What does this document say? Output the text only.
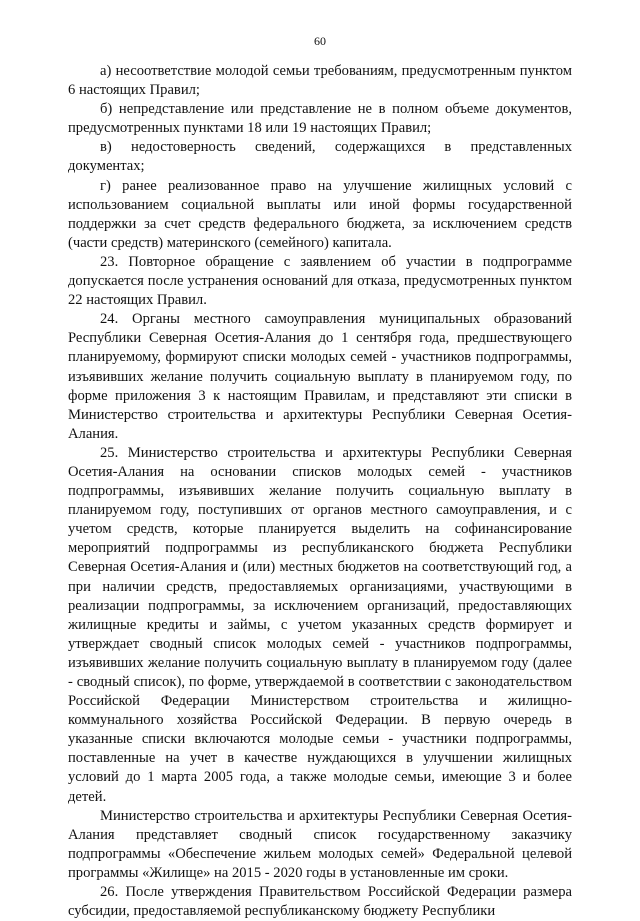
60

а) несоответствие молодой семьи требованиям, предусмотренным пунктом 6 настоящих Правил;

б) непредставление или представление не в полном объеме документов, предусмотренных пунктами 18 или 19 настоящих Правил;

в) недостоверность сведений, содержащихся в представленных документах;

г) ранее реализованное право на улучшение жилищных условий с использованием социальной выплаты или иной формы государственной поддержки за счет средств федерального бюджета, за исключением средств (части средств) материнского (семейного) капитала.

23. Повторное обращение с заявлением об участии в подпрограмме допускается после устранения оснований для отказа, предусмотренных пунктом 22 настоящих Правил.

24. Органы местного самоуправления муниципальных образований Республики Северная Осетия-Алания до 1 сентября года, предшествующего планируемому, формируют списки молодых семей - участников подпрограммы, изъявивших желание получить социальную выплату в планируемом году, по форме приложения 3 к настоящим Правилам, и представляют эти списки в Министерство строительства и архитектуры Республики Северная Осетия-Алания.

25. Министерство строительства и архитектуры Республики Северная Осетия-Алания на основании списков молодых семей - участников подпрограммы, изъявивших желание получить социальную выплату в планируемом году, поступивших от органов местного самоуправления, и с учетом средств, которые планируется выделить на софинансирование мероприятий подпрограммы из республиканского бюджета Республики Северная Осетия-Алания и (или) местных бюджетов на соответствующий год, а при наличии средств, предоставляемых организациями, участвующими в реализации подпрограммы, за исключением организаций, предоставляющих жилищные кредиты и займы, с учетом указанных средств формирует и утверждает сводный список молодых семей - участников подпрограммы, изъявивших желание получить социальную выплату в планируемом году (далее - сводный список), по форме, утверждаемой в соответствии с законодательством Российской Федерации Министерством строительства и жилищно-коммунального хозяйства Российской Федерации. В первую очередь в указанные списки включаются молодые семьи - участники подпрограммы, поставленные на учет в качестве нуждающихся в улучшении жилищных условий до 1 марта 2005 года, а также молодые семьи, имеющие 3 и более детей.

Министерство строительства и архитектуры Республики Северная Осетия-Алания представляет сводный список государственному заказчику подпрограммы «Обеспечение жильем молодых семей» Федеральной целевой программы «Жилище» на 2015 - 2020 годы в установленные им сроки.

26. После утверждения Правительством Российской Федерации размера субсидии, предоставляемой республиканскому бюджету Республики
